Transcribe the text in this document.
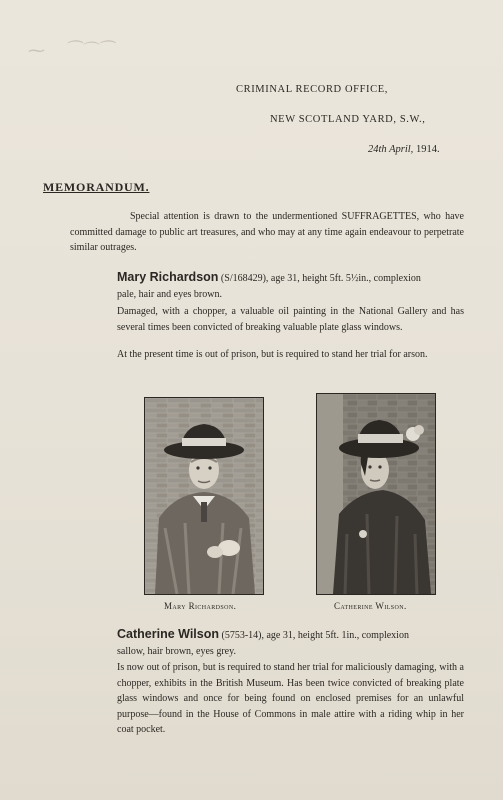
⁓   ⁀⌒⁀
CRIMINAL RECORD OFFICE,
NEW SCOTLAND YARD, S.W.,
24th April, 1914.
MEMORANDUM.
Special attention is drawn to the undermentioned SUFFRAGETTES, who have committed damage to public art treasures, and who may at any time again endeavour to perpetrate similar outrages.
Mary Richardson (S/168429), age 31, height 5ft. 5½in., complexion
pale, hair and eyes brown.
Damaged, with a chopper, a valuable oil painting in the National Gallery and has several times been convicted of breaking valuable plate glass windows.
At the present time is out of prison, but is required to stand her trial for arson.
Mary Richardson.	Catherine Wilson.
Catherine Wilson (5753-14), age 31, height 5ft. 1in., complexion
sallow, hair brown, eyes grey.
Is now out of prison, but is required to stand her trial for maliciously damaging, with a chopper, exhibits in the British Museum. Has been twice convicted of breaking plate glass windows and once for being found on enclosed premises for an unlawful purpose—found in the House of Commons in male attire with a riding whip in her coat pocket.
